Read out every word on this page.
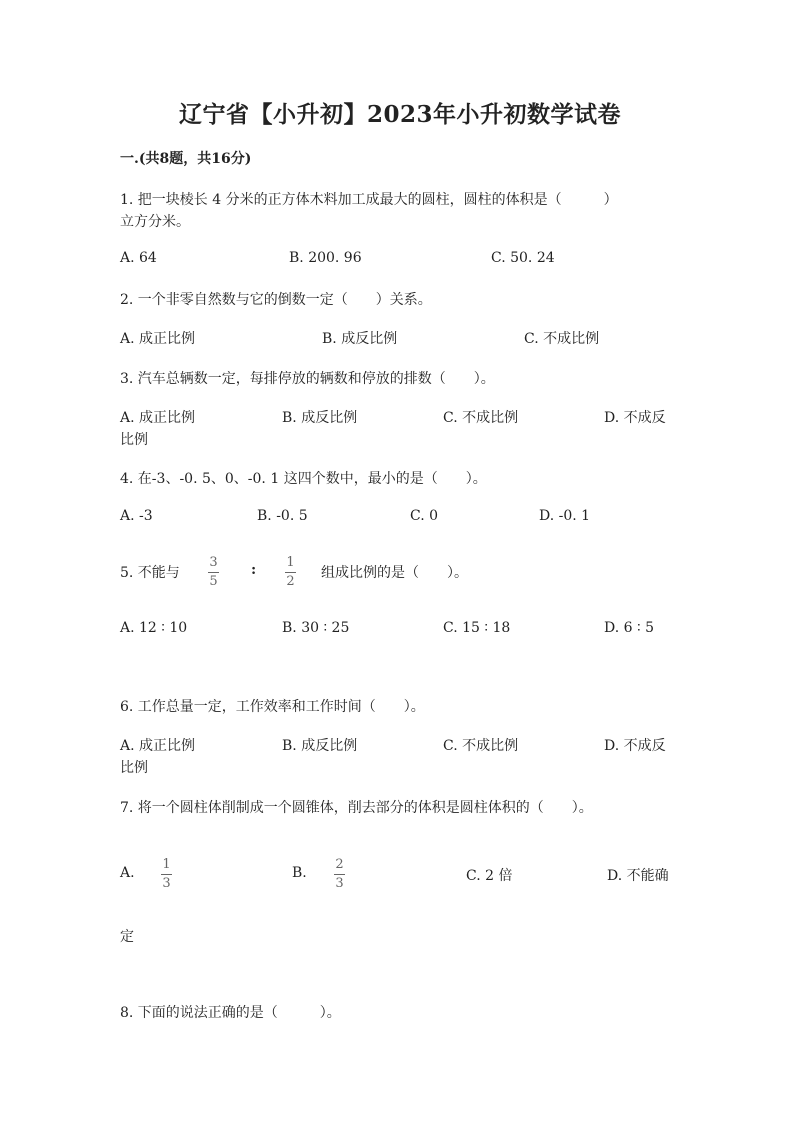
辽宁省【小升初】2023年小升初数学试卷
一.(共8题，共16分)
1. 把一块棱长 4 分米的正方体木料加工成最大的圆柱，圆柱的体积是（　　　）
立方分米。
A. 64	B. 200. 96	C. 50. 24
2. 一个非零自然数与它的倒数一定（　　）关系。
A. 成正比例	B. 成反比例	C. 不成比例
3. 汽车总辆数一定，每排停放的辆数和停放的排数（　　）。
A. 成正比例	B. 成反比例	C. 不成比例	D. 不成反
比例
4. 在-3、-0. 5、0、-0. 1 这四个数中，最小的是（　　）。
A. -3	B. -0. 5	C. 0	D. -0. 1
5. 不能与
3
5
: 1
2
组成比例的是（　　）。
A. 12 ∶ 10	B. 30 ∶ 25	C. 15 ∶ 18	D. 6 ∶ 5
6. 工作总量一定，工作效率和工作时间（　　）。
A. 成正比例	B. 成反比例	C. 不成比例	D. 不成反
比例
7. 将一个圆柱体削制成一个圆锥体，削去部分的体积是圆柱体积的（　　）。
A.
1
3
B.
2
3	C. 2 倍	D. 不能确
定
8. 下面的说法正确的是（　　　）。
